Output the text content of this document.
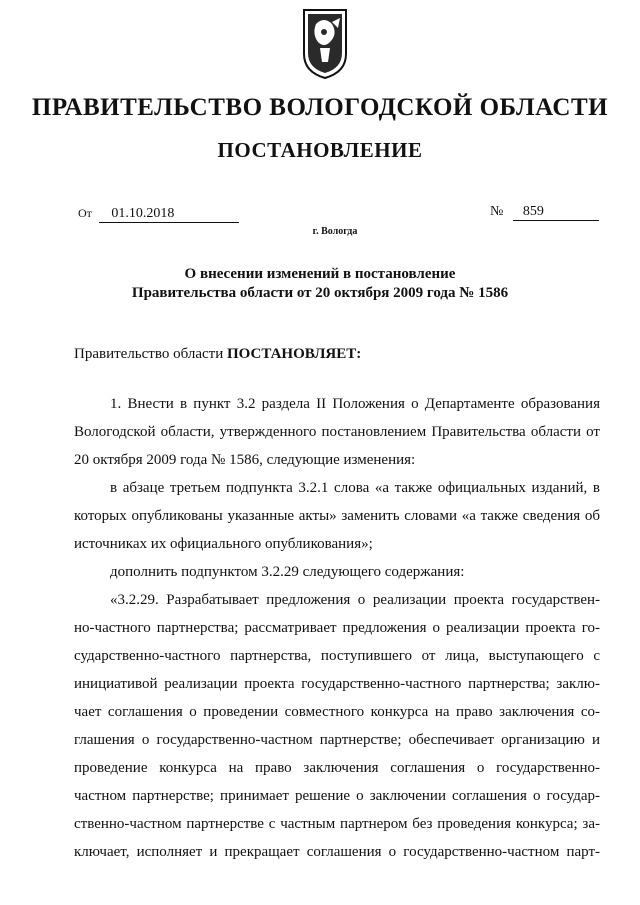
ПРАВИТЕЛЬСТВО ВОЛОГОДСКОЙ ОБЛАСТИ
ПОСТАНОВЛЕНИЕ
От 01.10.2018	№ 859
г. Вологда
О внесении изменений в постановление
Правительства области от 20 октября 2009 года № 1586

Правительство области ПОСТАНОВЛЯЕТ:

1. Внести в пункт 3.2 раздела II Положения о Департаменте образования Вологодской области, утвержденного постановлением Правительства области от 20 октября 2009 года № 1586, следующие изменения:

в абзаце третьем подпункта 3.2.1 слова «а также официальных изданий, в которых опубликованы указанные акты» заменить словами «а также сведения об источниках их официального опубликования»;

дополнить подпунктом 3.2.29 следующего содержания:

«3.2.29. Разрабатывает предложения о реализации проекта государствен-
но-частного партнерства; рассматривает предложения о реализации проекта го-
сударственно-частного партнерства, поступившего от лица, выступающего с
инициативой реализации проекта государственно-частного партнерства; заклю-
чает соглашения о проведении совместного конкурса на право заключения со-
глашения о государственно-частном партнерстве; обеспечивает организацию и
проведение конкурса на право заключения соглашения о государственно-
частном партнерстве; принимает решение о заключении соглашения о государ-
ственно-частном партнерстве с частным партнером без проведения конкурса; за-
ключает, исполняет и прекращает соглашения о государственно-частном парт-
